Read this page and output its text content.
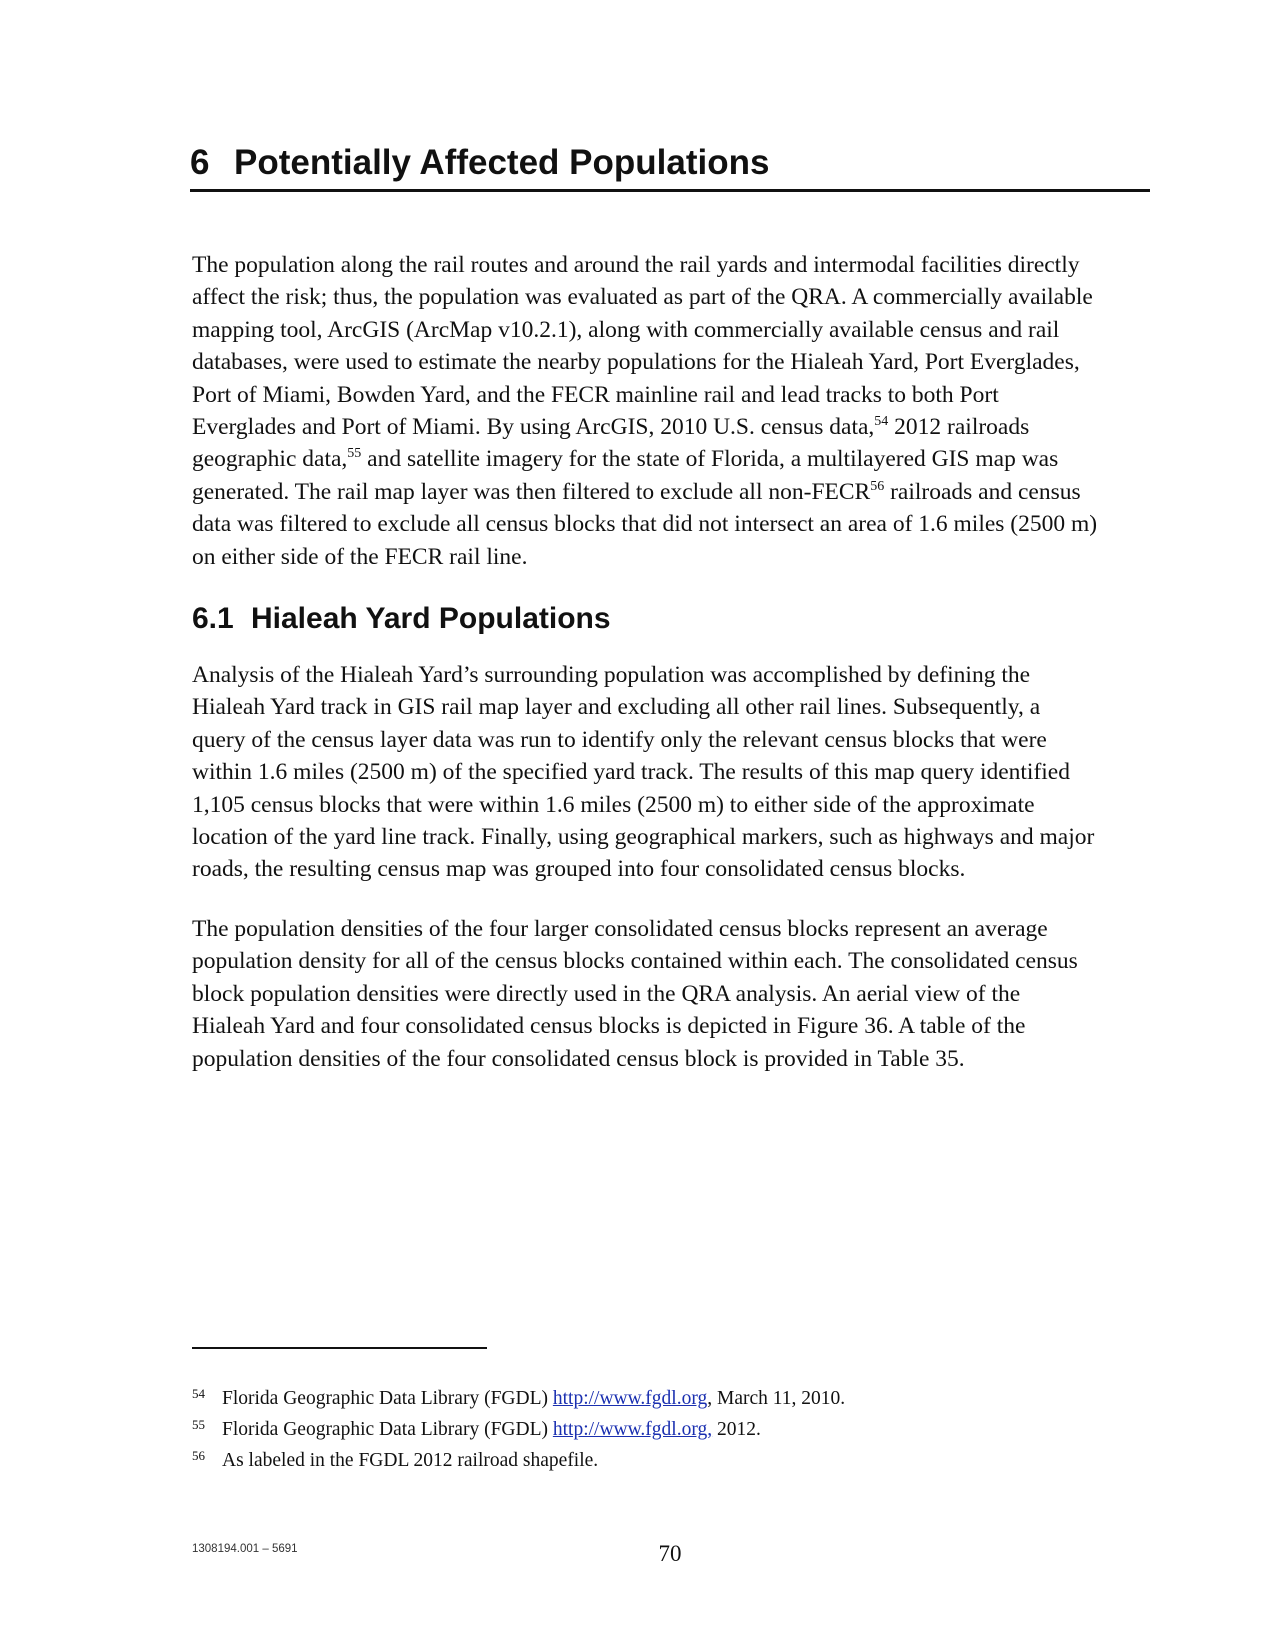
6 Potentially Affected Populations
The population along the rail routes and around the rail yards and intermodal facilities directly
affect the risk; thus, the population was evaluated as part of the QRA. A commercially available
mapping tool, ArcGIS (ArcMap v10.2.1), along with commercially available census and rail
databases, were used to estimate the nearby populations for the Hialeah Yard, Port Everglades,
Port of Miami, Bowden Yard, and the FECR mainline rail and lead tracks to both Port
Everglades and Port of Miami. By using ArcGIS, 2010 U.S. census data,$^{54}$ 2012 railroads
geographic data,$^{55}$ and satellite imagery for the state of Florida, a multilayered GIS map was
generated. The rail map layer was then filtered to exclude all non-FECR$^{56}$ railroads and census
data was filtered to exclude all census blocks that did not intersect an area of 1.6 miles (2500 m)
on either side of the FECR rail line.
6.1 Hialeah Yard Populations
Analysis of the Hialeah Yard’s surrounding population was accomplished by defining the
Hialeah Yard track in GIS rail map layer and excluding all other rail lines. Subsequently, a
query of the census layer data was run to identify only the relevant census blocks that were
within 1.6 miles (2500 m) of the specified yard track. The results of this map query identified
1,105 census blocks that were within 1.6 miles (2500 m) to either side of the approximate
location of the yard line track. Finally, using geographical markers, such as highways and major
roads, the resulting census map was grouped into four consolidated census blocks.
The population densities of the four larger consolidated census blocks represent an average
population density for all of the census blocks contained within each. The consolidated census
block population densities were directly used in the QRA analysis. An aerial view of the
Hialeah Yard and four consolidated census blocks is depicted in Figure 36. A table of the
population densities of the four consolidated census block is provided in Table 35.
54 Florida Geographic Data Library (FGDL) http://www.fgdl.org, March 11, 2010.
55 Florida Geographic Data Library (FGDL) http://www.fgdl.org, 2012.
56 As labeled in the FGDL 2012 railroad shapefile.
1308194.001 – 5691	70
